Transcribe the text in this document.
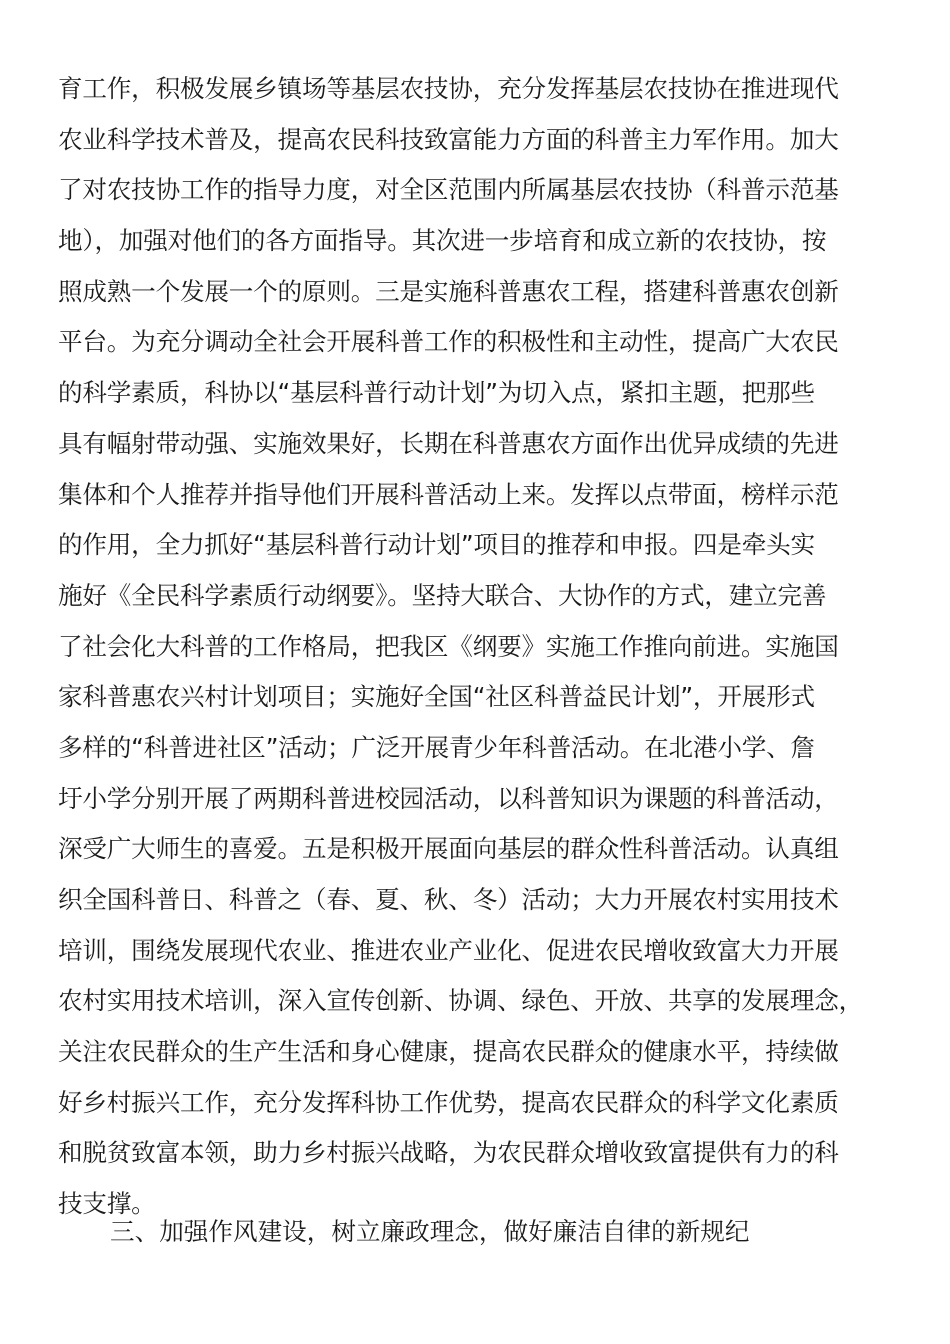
育工作，积极发展乡镇场等基层农技协，充分发挥基层农技协在推进现代
农业科学技术普及，提高农民科技致富能力方面的科普主力军作用。加大
了对农技协工作的指导力度，对全区范围内所属基层农技协（科普示范基
地），加强对他们的各方面指导。其次进一步培育和成立新的农技协，按
照成熟一个发展一个的原则。三是实施科普惠农工程，搭建科普惠农创新
平台。为充分调动全社会开展科普工作的积极性和主动性，提高广大农民
的科学素质，科协以“基层科普行动计划”为切入点，紧扣主题，把那些
具有幅射带动强、实施效果好，长期在科普惠农方面作出优异成绩的先进
集体和个人推荐并指导他们开展科普活动上来。发挥以点带面，榜样示范
的作用，全力抓好“基层科普行动计划”项目的推荐和申报。四是牵头实
施好《全民科学素质行动纲要》。坚持大联合、大协作的方式，建立完善
了社会化大科普的工作格局，把我区《纲要》实施工作推向前进。实施国
家科普惠农兴村计划项目；实施好全国“社区科普益民计划”，开展形式
多样的“科普进社区”活动；广泛开展青少年科普活动。在北港小学、詹
圩小学分别开展了两期科普进校园活动，以科普知识为课题的科普活动，
深受广大师生的喜爱。五是积极开展面向基层的群众性科普活动。认真组
织全国科普日、科普之（春、夏、秋、冬）活动；大力开展农村实用技术
培训，围绕发展现代农业、推进农业产业化、促进农民增收致富大力开展
农村实用技术培训，深入宣传创新、协调、绿色、开放、共享的发展理念，
关注农民群众的生产生活和身心健康，提高农民群众的健康水平，持续做
好乡村振兴工作，充分发挥科协工作优势，提高农民群众的科学文化素质
和脱贫致富本领，助力乡村振兴战略，为农民群众增收致富提供有力的科
技支撑。
三、加强作风建设，树立廉政理念，做好廉洁自律的新规纪
